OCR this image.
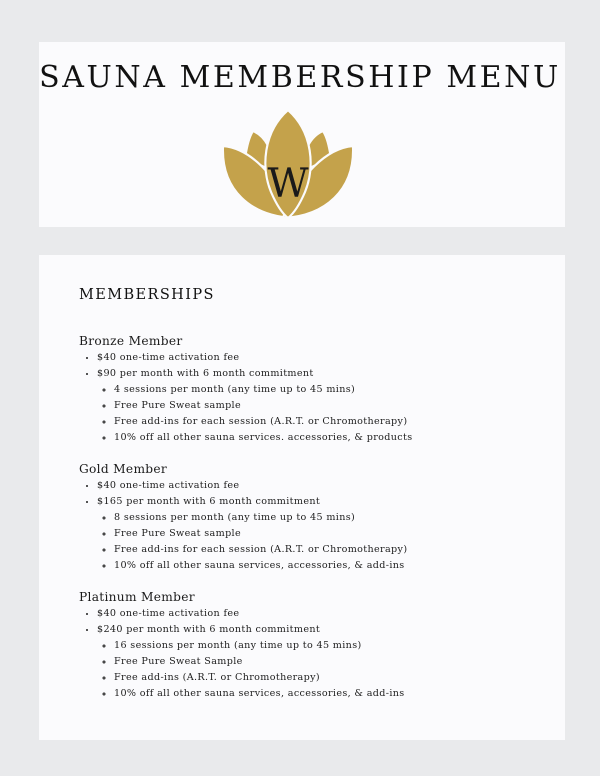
SAUNA MEMBERSHIP MENU
W
MEMBERSHIPS
Bronze Member
• $40 one-time activation fee
• $90 per month with 6 month commitment
◦ 4 sessions per month (any time up to 45 mins)
◦ Free Pure Sweat sample
◦ Free add-ins for each session (A.R.T. or Chromotherapy)
◦ 10% off all other sauna services. accessories, & products
Gold Member
• $40 one-time activation fee
• $165 per month with 6 month commitment
◦ 8 sessions per month (any time up to 45 mins)
◦ Free Pure Sweat sample
◦ Free add-ins for each session (A.R.T. or Chromotherapy)
◦ 10% off all other sauna services, accessories, & add-ins
Platinum Member
• $40 one-time activation fee
• $240 per month with 6 month commitment
◦ 16 sessions per month (any time up to 45 mins)
◦ Free Pure Sweat Sample
◦ Free add-ins (A.R.T. or Chromotherapy)
◦ 10% off all other sauna services, accessories, & add-ins
